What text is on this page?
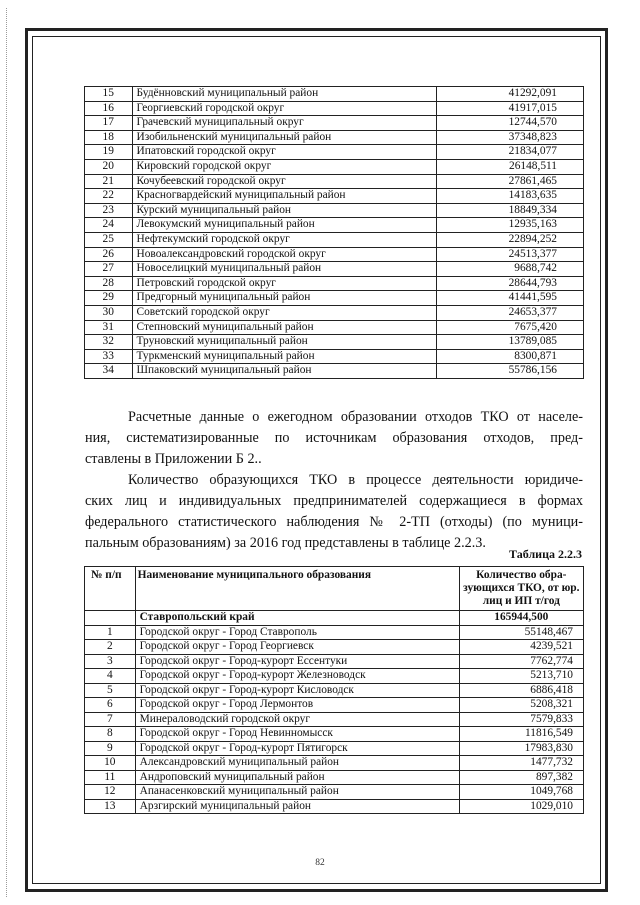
15	Будённовский муниципальный район	41292,091
16	Георгиевский городской округ	41917,015
17	Грачевский муниципальный округ	12744,570
18	Изобильненский муниципальный район	37348,823
19	Ипатовский городской округ	21834,077
20	Кировский городской округ	26148,511
21	Кочубеевский городской округ	27861,465
22	Красногвардейский муниципальный район	14183,635
23	Курский муниципальный район	18849,334
24	Левокумский муниципальный район	12935,163
25	Нефтекумский городской округ	22894,252
26	Новоалександровский городской округ	24513,377
27	Новоселицкий муниципальный район	9688,742
28	Петровский городской округ	28644,793
29	Предгорный муниципальный район	41441,595
30	Советский городской округ	24653,377
31	Степновский муниципальный район	7675,420
32	Труновский муниципальный район	13789,085
33	Туркменский муниципальный район	8300,871
34	Шпаковский муниципальный район	55786,156
Расчетные данные о ежегодном образовании отходов ТКО от населе-
ния, систематизированные по источникам образования отходов, пред-
ставлены в Приложении Б 2..
Количество образующихся ТКО в процессе деятельности юридиче-
ских лиц и индивидуальных предпринимателей содержащиеся в формах
федерального статистического наблюдения № 2-ТП (отходы) (по муници-
пальным образованиям) за 2016 год представлены в таблице 2.2.3.
Таблица 2.2.3
№ п/п	Наименование муниципального образования	Количество обра-зующихся ТКО, от юр. лиц и ИП т/год
	Ставропольский край	165944,500
1	Городской округ - Город Ставрополь	55148,467
2	Городской округ - Город Георгиевск	4239,521
3	Городской округ - Город-курорт Ессентуки	7762,774
4	Городской округ - Город-курорт Железноводск	5213,710
5	Городской округ - Город-курорт Кисловодск	6886,418
6	Городской округ - Город Лермонтов	5208,321
7	Минераловодский городской округ	7579,833
8	Городской округ - Город Невинномысск	11816,549
9	Городской округ - Город-курорт Пятигорск	17983,830
10	Александровский муниципальный район	1477,732
11	Андроповский муниципальный район	897,382
12	Апанасенковский муниципальный район	1049,768
13	Арзгирский муниципальный район	1029,010
82
